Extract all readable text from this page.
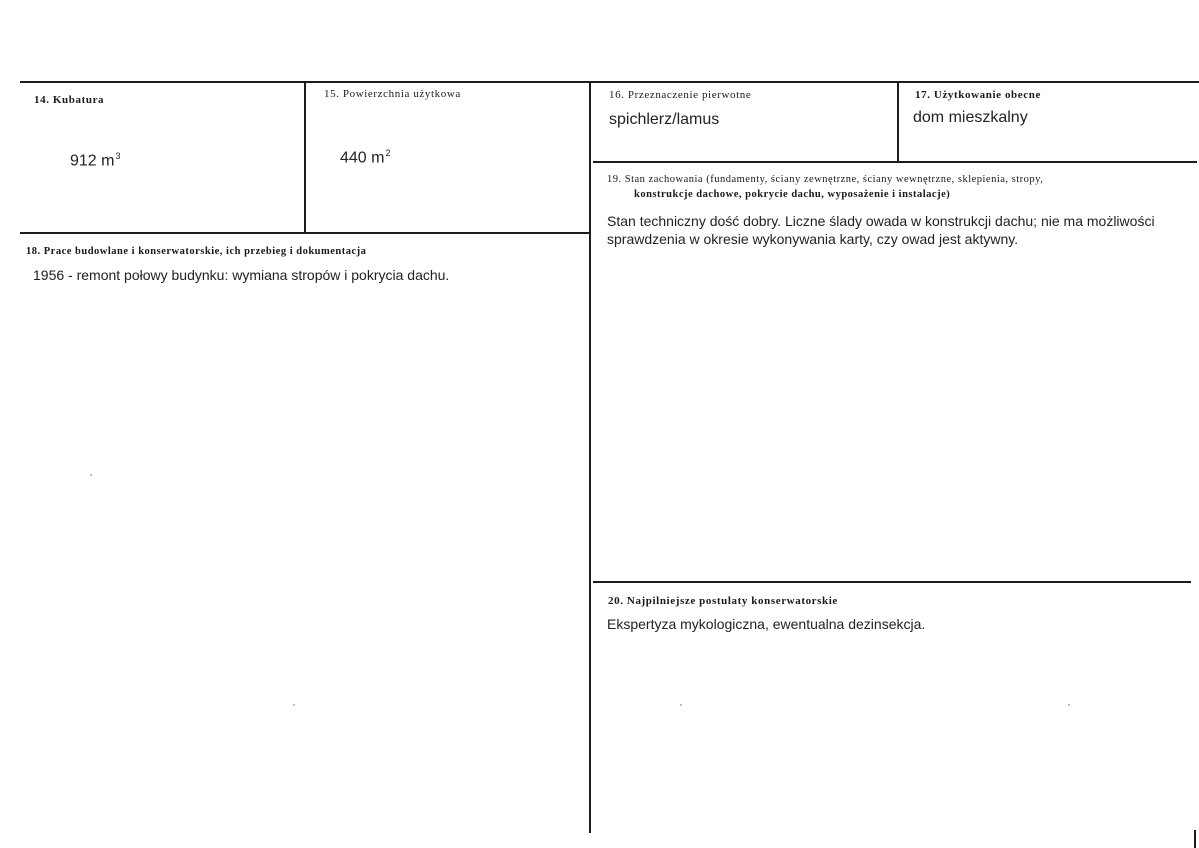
14. Kubatura
912 $m^3$
15. Powierzchnia użytkowa
440 $m^2$
16. Przeznaczenie pierwotne
spichlerz/lamus
17. Użytkowanie obecne
dom mieszkalny
18. Prace budowlane i konserwatorskie, ich przebieg i dokumentacja
1956 - remont połowy budynku: wymiana stropów i pokrycia dachu.
19. Stan zachowania (fundamenty, ściany zewnętrzne, ściany wewnętrzne, sklepienia, stropy,
konstrukcje dachowe, pokrycie dachu, wyposażenie i instalacje)
Stan techniczny dość dobry. Liczne ślady owada w konstrukcji dachu; nie ma możliwości
sprawdzenia w okresie wykonywania karty, czy owad jest aktywny.
20. Najpilniejsze postulaty konserwatorskie
Ekspertyza mykologiczna, ewentualna dezinsekcja.
